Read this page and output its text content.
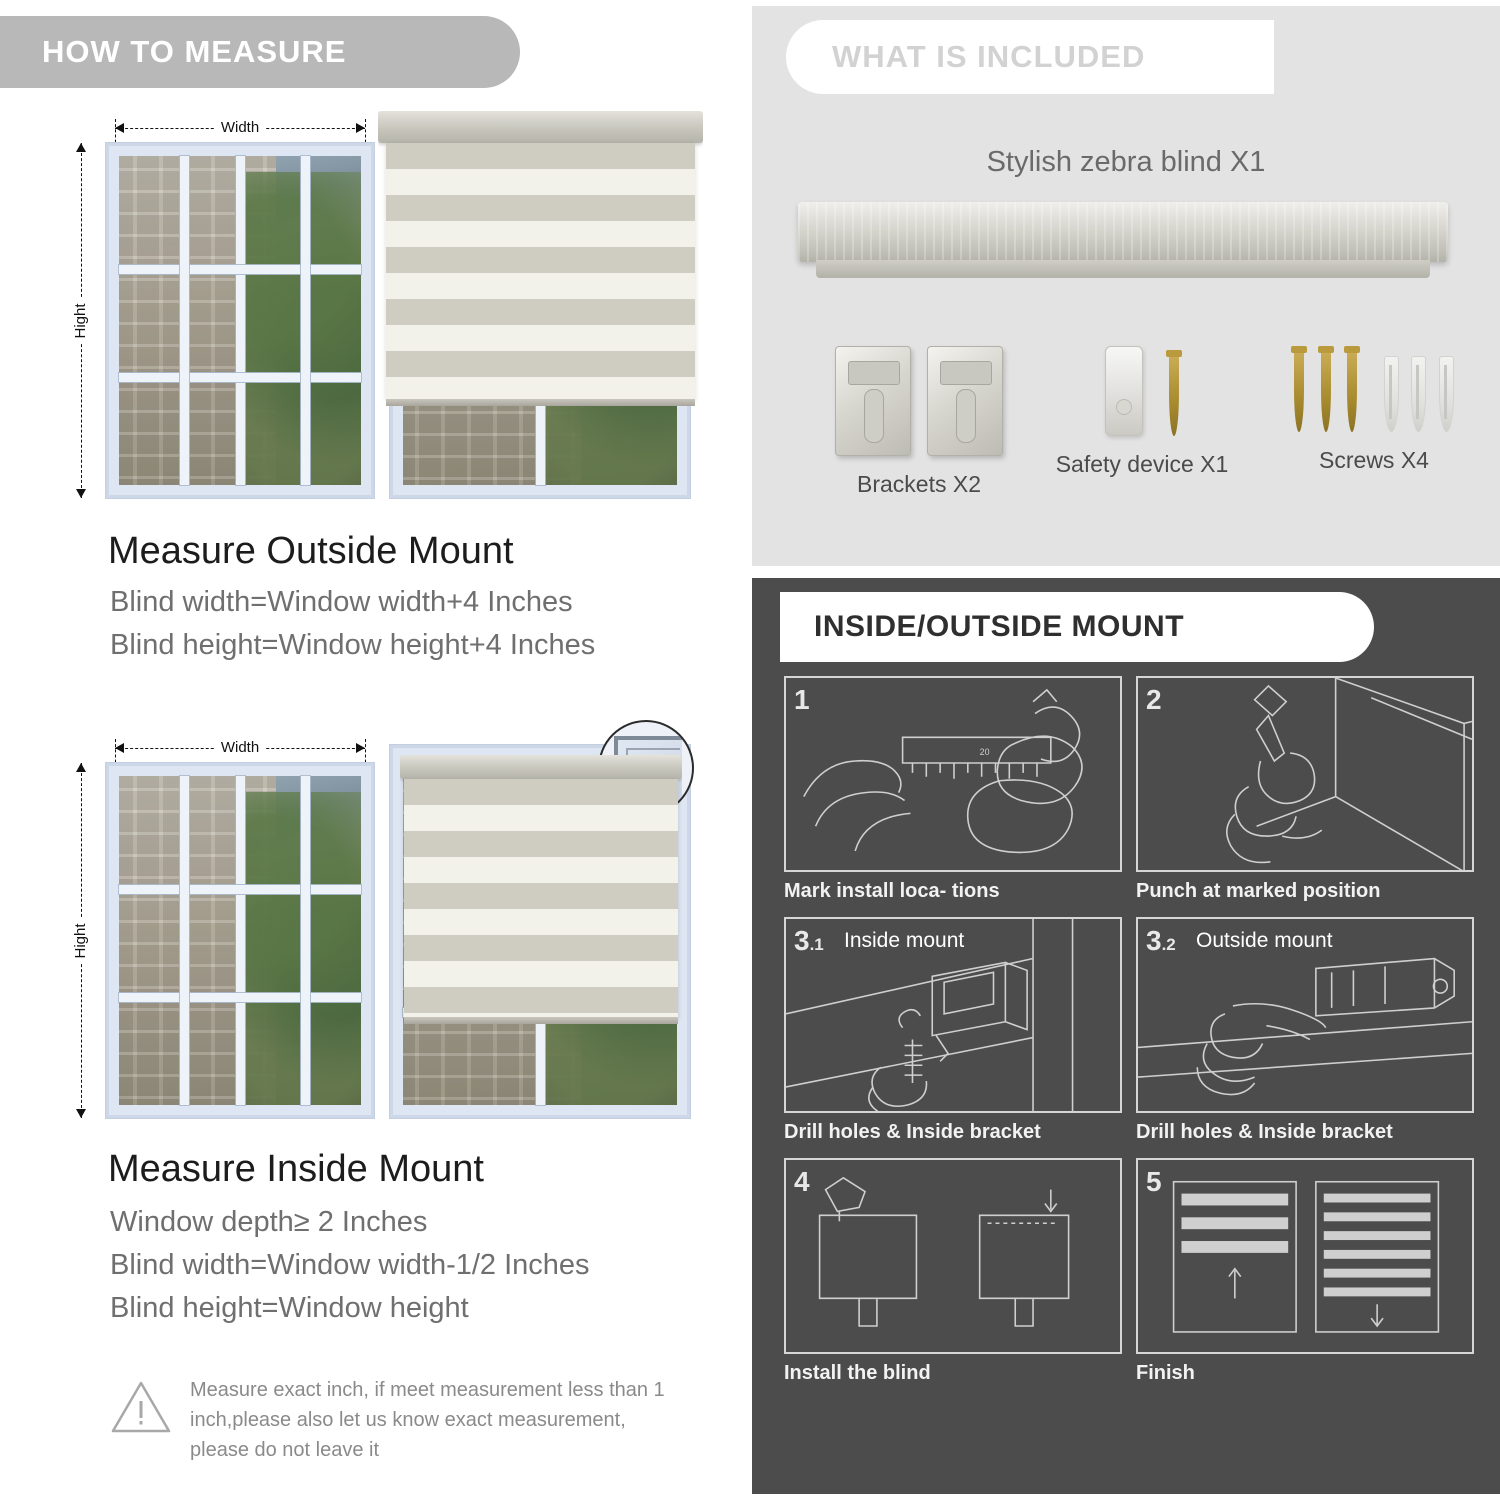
HOW TO MEASURE
Width
Hight
Measure Outside Mount
Blind width=Window width+4 Inches
Blind height=Window height+4 Inches
Width
Hight
Measure Inside Mount
Window depth≥ 2 Inches
Blind width=Window width-1/2 Inches
Blind height=Window height
Measure exact inch, if meet measurement less than 1 inch,please also let us know exact measurement, please do not leave it
WHAT IS INCLUDED
Stylish zebra blind X1

Brackets X2

Safety device X1
	Screws X4
INSIDE/OUTSIDE MOUNT
1
20
Mark install loca- tions
2
Punch at marked position
3.1 Inside mount
Drill holes & Inside bracket
3.2 Outside mount
Drill holes & Inside bracket
4
Install the blind
5
Finish
